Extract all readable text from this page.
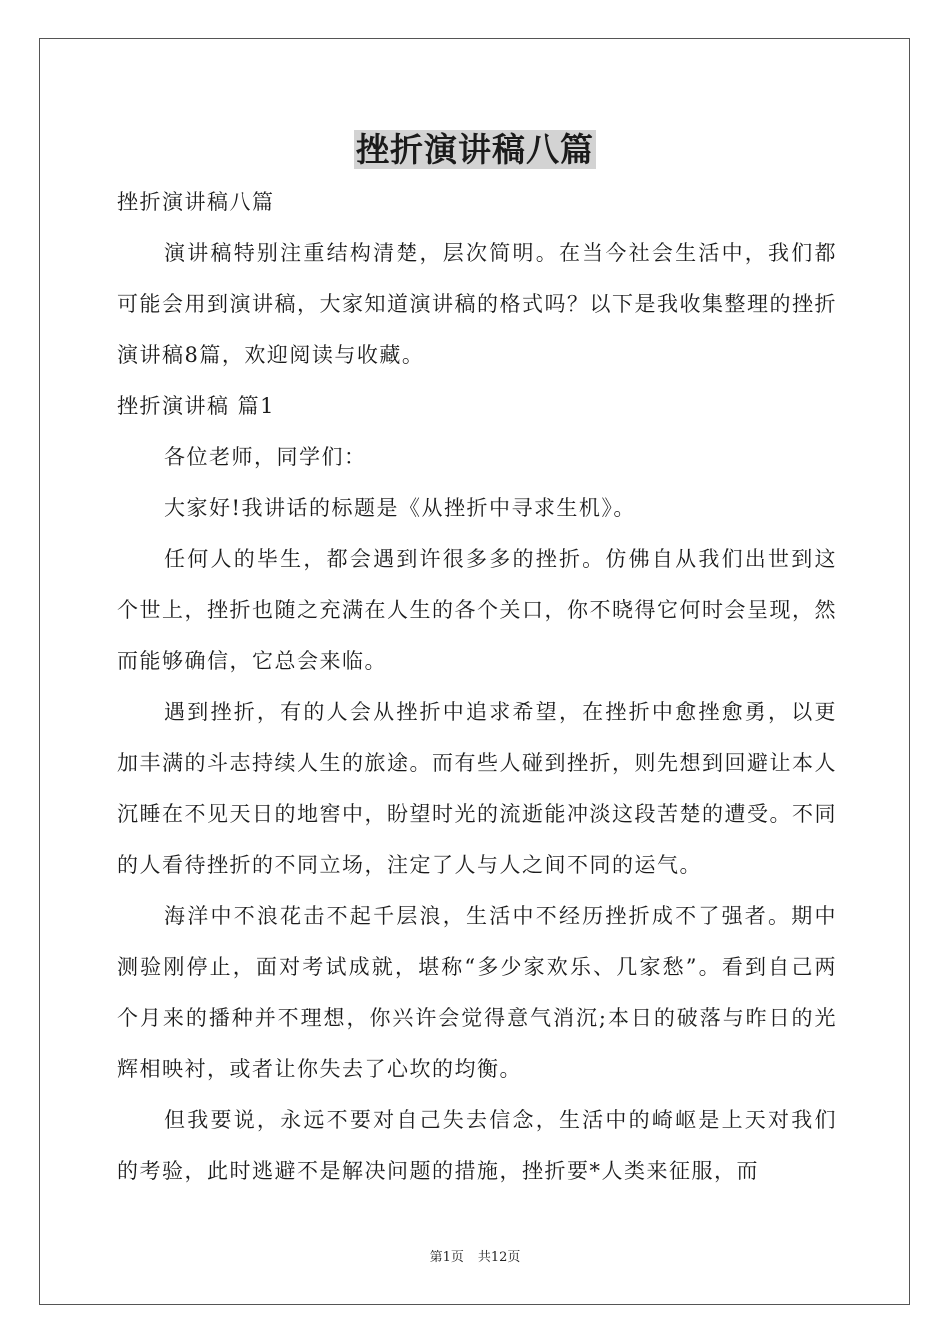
挫折演讲稿八篇

挫折演讲稿八篇

演讲稿特别注重结构清楚，层次简明。在当今社会生活中，我们都可能会用到演讲稿，大家知道演讲稿的格式吗？以下是我收集整理的挫折演讲稿8篇，欢迎阅读与收藏。

挫折演讲稿 篇1

各位老师，同学们：

大家好!我讲话的标题是《从挫折中寻求生机》。

任何人的毕生，都会遇到许很多多的挫折。仿佛自从我们出世到这个世上，挫折也随之充满在人生的各个关口，你不晓得它何时会呈现，然而能够确信，它总会来临。

遇到挫折，有的人会从挫折中追求希望，在挫折中愈挫愈勇，以更加丰满的斗志持续人生的旅途。而有些人碰到挫折，则先想到回避让本人沉睡在不见天日的地窖中，盼望时光的流逝能冲淡这段苦楚的遭受。不同的人看待挫折的不同立场，注定了人与人之间不同的运气。

海洋中不浪花击不起千层浪，生活中不经历挫折成不了强者。期中测验刚停止，面对考试成就，堪称“多少家欢乐、几家愁”。看到自己两个月来的播种并不理想，你兴许会觉得意气消沉;本日的破落与昨日的光辉相映衬，或者让你失去了心坎的均衡。

但我要说，永远不要对自己失去信念，生活中的崎岖是上天对我们的考验，此时逃避不是解决问题的措施，挫折要*人类来征服，而

第1页 共12页
